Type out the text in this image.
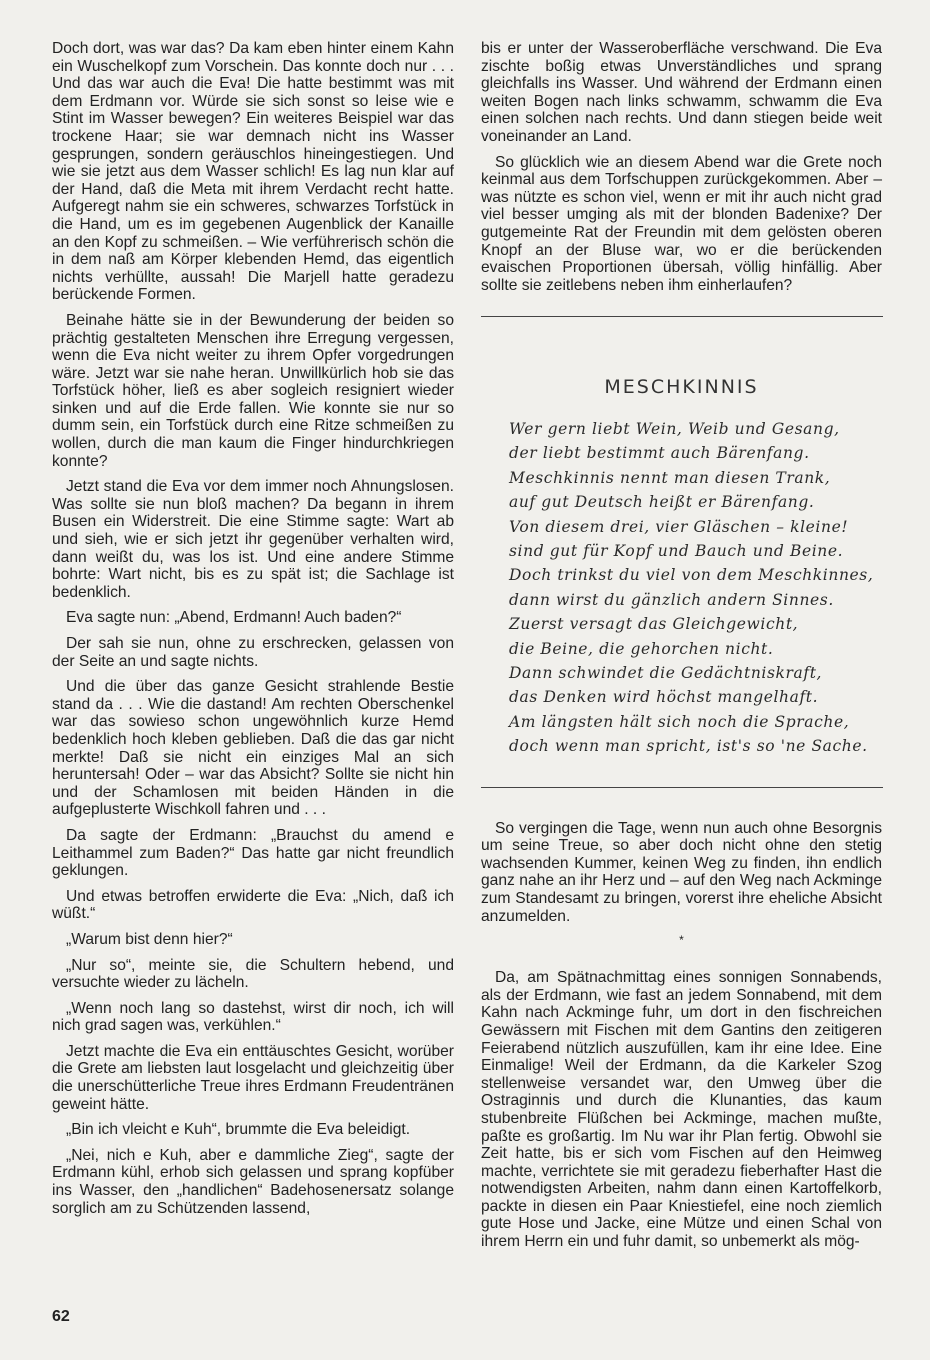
Doch dort, was war das? Da kam eben hinter einem Kahn ein Wuschelkopf zum Vorschein. Das konnte doch nur . . . Und das war auch die Eva! Die hatte bestimmt was mit dem Erdmann vor. Würde sie sich sonst so leise wie e Stint im Wasser bewegen? Ein weiteres Beispiel war das trockene Haar; sie war demnach nicht ins Wasser gesprungen, sondern geräuschlos hineingestiegen. Und wie sie jetzt aus dem Wasser schlich! Es lag nun klar auf der Hand, daß die Meta mit ihrem Verdacht recht hatte. Aufgeregt nahm sie ein schweres, schwarzes Torfstück in die Hand, um es im gegebenen Augenblick der Kanaille an den Kopf zu schmeißen. – Wie verführerisch schön die in dem naß am Körper klebenden Hemd, das eigentlich nichts verhüllte, aussah! Die Marjell hatte geradezu berückende Formen.

Beinahe hätte sie in der Bewunderung der beiden so prächtig gestalteten Menschen ihre Erregung vergessen, wenn die Eva nicht weiter zu ihrem Opfer vorgedrungen wäre. Jetzt war sie nahe heran. Unwillkürlich hob sie das Torfstück höher, ließ es aber sogleich resigniert wieder sinken und auf die Erde fallen. Wie konnte sie nur so dumm sein, ein Torfstück durch eine Ritze schmeißen zu wollen, durch die man kaum die Finger hindurchkriegen konnte?

Jetzt stand die Eva vor dem immer noch Ahnungslosen. Was sollte sie nun bloß machen? Da begann in ihrem Busen ein Widerstreit. Die eine Stimme sagte: Wart ab und sieh, wie er sich jetzt ihr gegenüber verhalten wird, dann weißt du, was los ist. Und eine andere Stimme bohrte: Wart nicht, bis es zu spät ist; die Sachlage ist bedenklich.

Eva sagte nun: „Abend, Erdmann! Auch baden?“

Der sah sie nun, ohne zu erschrecken, gelassen von der Seite an und sagte nichts.

Und die über das ganze Gesicht strahlende Bestie stand da . . . Wie die dastand! Am rechten Oberschenkel war das sowieso schon ungewöhnlich kurze Hemd bedenklich hoch kleben geblieben. Daß die das gar nicht merkte! Daß sie nicht ein einziges Mal an sich heruntersah! Oder – war das Absicht? Sollte sie nicht hin und der Schamlosen mit beiden Händen in die aufgeplusterte Wischkoll fahren und . . .

Da sagte der Erdmann: „Brauchst du amend e Leithammel zum Baden?“ Das hatte gar nicht freundlich geklungen.

Und etwas betroffen erwiderte die Eva: „Nich, daß ich wüßt.“

„Warum bist denn hier?“

„Nur so“, meinte sie, die Schultern hebend, und versuchte wieder zu lächeln.

„Wenn noch lang so dastehst, wirst dir noch, ich will nich grad sagen was, verkühlen.“

Jetzt machte die Eva ein enttäuschtes Gesicht, worüber die Grete am liebsten laut losgelacht und gleichzeitig über die unerschütterliche Treue ihres Erdmann Freudentränen geweint hätte.

„Bin ich vleicht e Kuh“, brummte die Eva beleidigt.

„Nei, nich e Kuh, aber e dammliche Zieg“, sagte der Erdmann kühl, erhob sich gelassen und sprang kopfüber ins Wasser, den „handlichen“ Badehosenersatz solange sorglich am zu Schützenden lassend,

bis er unter der Wasseroberfläche verschwand. Die Eva zischte boßig etwas Unverständliches und sprang gleichfalls ins Wasser. Und während der Erdmann einen weiten Bogen nach links schwamm, schwamm die Eva einen solchen nach rechts. Und dann stiegen beide weit voneinander an Land.

So glücklich wie an diesem Abend war die Grete noch keinmal aus dem Torfschuppen zurückgekommen. Aber – was nützte es schon viel, wenn er mit ihr auch nicht grad viel besser umging als mit der blonden Badenixe? Der gutgemeinte Rat der Freundin mit dem gelösten oberen Knopf an der Bluse war, wo er die berückenden evaischen Proportionen übersah, völlig hinfällig. Aber sollte sie zeitlebens neben ihm einherlaufen?

MESCHKINNIS
Wer gern liebt Wein, Weib und Gesang,
der liebt bestimmt auch Bärenfang.
Meschkinnis nennt man diesen Trank,
auf gut Deutsch heißt er Bärenfang.
Von diesem drei, vier Gläschen – kleine!
sind gut für Kopf und Bauch und Beine.
Doch trinkst du viel von dem Meschkinnes,
dann wirst du gänzlich andern Sinnes.
Zuerst versagt das Gleichgewicht,
die Beine, die gehorchen nicht.
Dann schwindet die Gedächtniskraft,
das Denken wird höchst mangelhaft.
Am längsten hält sich noch die Sprache,
doch wenn man spricht, ist's so 'ne Sache.

So vergingen die Tage, wenn nun auch ohne Besorgnis um seine Treue, so aber doch nicht ohne den stetig wachsenden Kummer, keinen Weg zu finden, ihn endlich ganz nahe an ihr Herz und – auf den Weg nach Ackminge zum Standesamt zu bringen, vorerst ihre eheliche Absicht anzumelden.

*

Da, am Spätnachmittag eines sonnigen Sonnabends, als der Erdmann, wie fast an jedem Sonnabend, mit dem Kahn nach Ackminge fuhr, um dort in den fischreichen Gewässern mit Fischen mit dem Gantins den zeitigeren Feierabend nützlich auszufüllen, kam ihr eine Idee. Eine Einmalige! Weil der Erdmann, da die Karkeler Szog stellenweise versandet war, den Umweg über die Ostraginnis und durch die Klunanties, das kaum stubenbreite Flüßchen bei Ackminge, machen mußte, paßte es großartig. Im Nu war ihr Plan fertig. Obwohl sie Zeit hatte, bis er sich vom Fischen auf den Heimweg machte, verrichtete sie mit geradezu fieberhafter Hast die notwendigsten Arbeiten, nahm dann einen Kartoffelkorb, packte in diesen ein Paar Kniestiefel, eine noch ziemlich gute Hose und Jacke, eine Mütze und einen Schal von ihrem Herrn ein und fuhr damit, so unbemerkt als mög-

62
